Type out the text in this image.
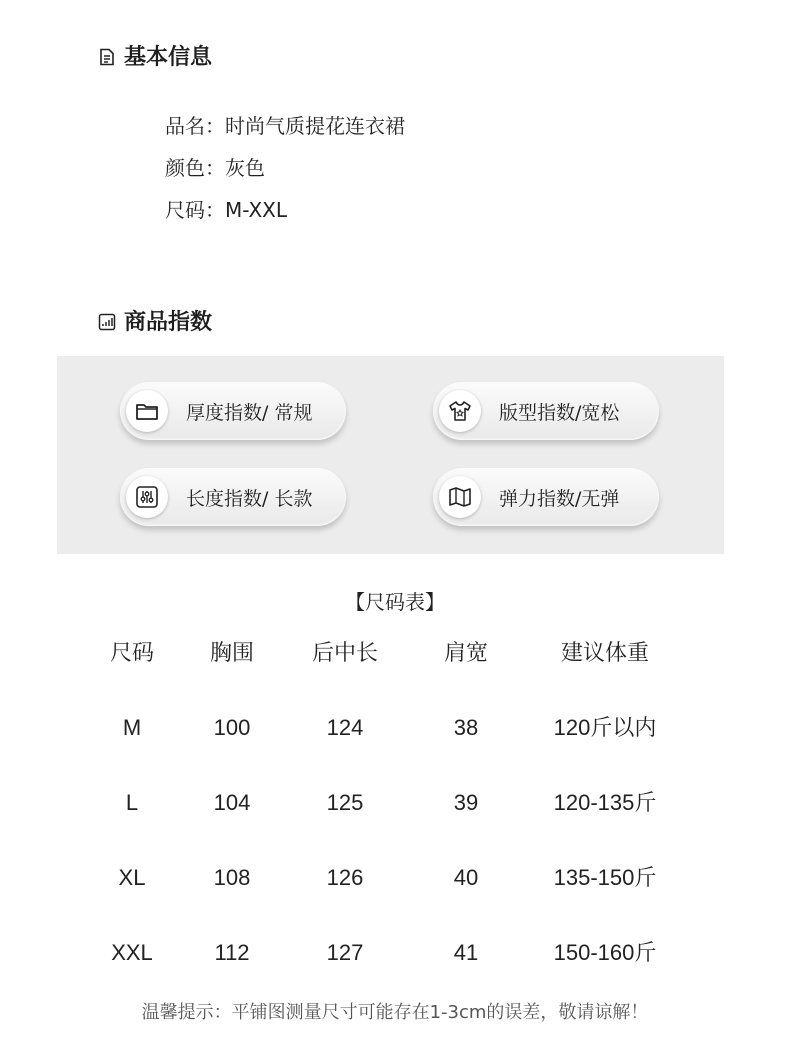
基本信息
品名： 时尚气质提花连衣裙
颜色： 灰色
尺码： M-XXL
商品指数
厚度指数/ 常规	版型指数/宽松
长度指数/ 长款	弹力指数/无弹
【尺码表】
尺码	胸围	后中长	肩宽	建议体重
M	100	124	38	120斤以内
L	104	125	39	120-135斤
XL	108	126	40	135-150斤
XXL	112	127	41	150-160斤
温馨提示：平铺图测量尺寸可能存在1-3cm的误差，敬请谅解！
